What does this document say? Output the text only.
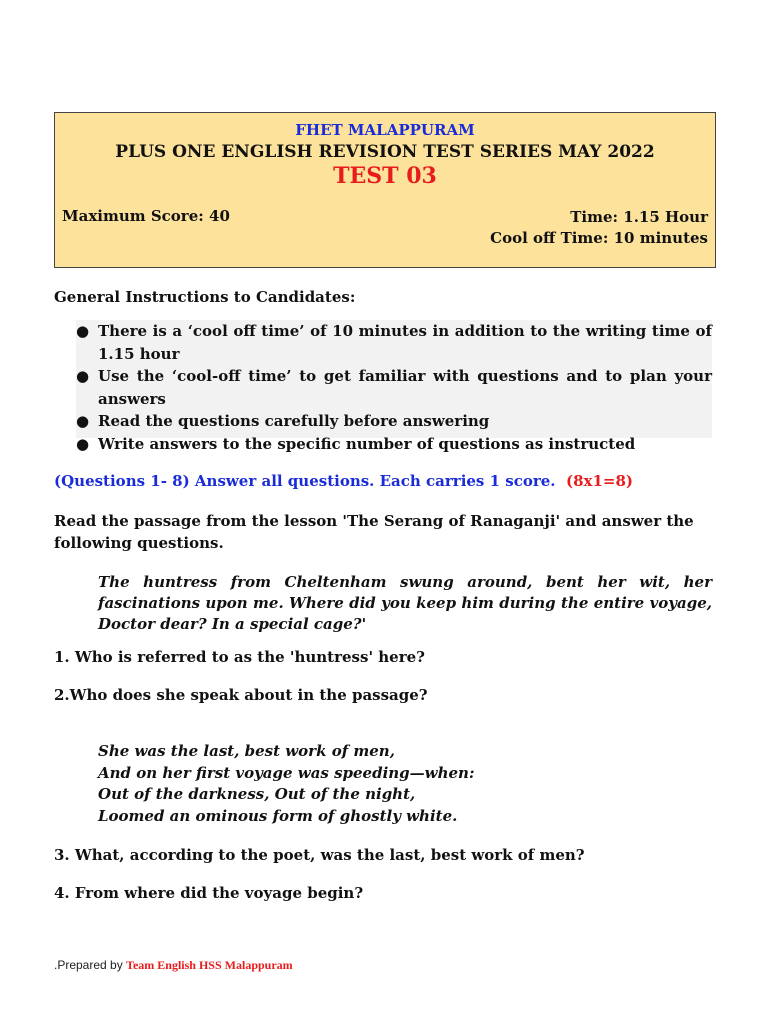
FHET MALAPPURAM
PLUS ONE ENGLISH REVISION TEST SERIES MAY 2022
TEST 03
Maximum Score: 40	Time: 1.15 Hour
Cool off Time: 10 minutes
General Instructions to Candidates:
● There is a ‘cool off time’ of 10 minutes in addition to the writing time of 1.15 hour
● Use the ‘cool-off time’ to get familiar with questions and to plan your answers
● Read the questions carefully before answering
● Write answers to the specific number of questions as instructed
(Questions 1- 8) Answer all questions. Each carries 1 score. (8x1=8)
Read the passage from the lesson 'The Serang of Ranaganji' and answer the following questions.
The huntress from Cheltenham swung around, bent her wit, her fascinations upon me. Where did you keep him during the entire voyage, Doctor dear? In a special cage?'
1. Who is referred to as the 'huntress' here?
2.Who does she speak about in the passage?
She was the last, best work of men,
And on her first voyage was speeding—when:
Out of the darkness, Out of the night,
Loomed an ominous form of ghostly white.
3. What, according to the poet, was the last, best work of men?
4. From where did the voyage begin?
.Prepared by Team English HSS Malappuram
